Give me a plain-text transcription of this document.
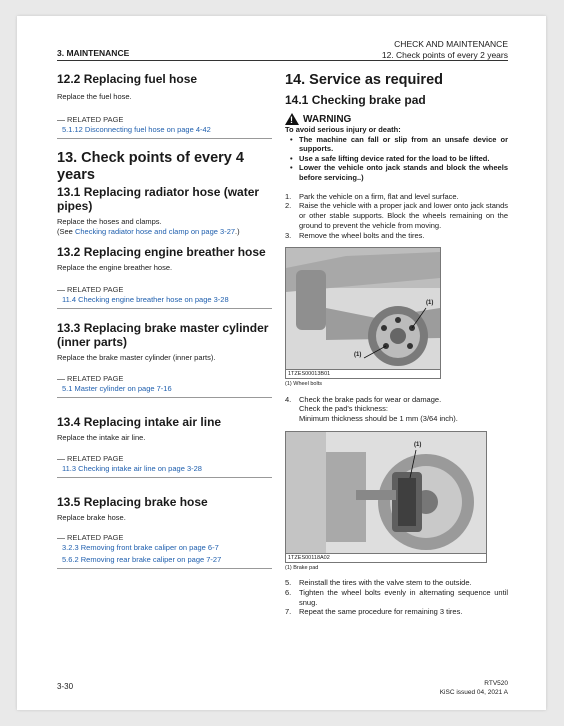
3. MAINTENANCE
CHECK AND MAINTENANCE
12. Check points of every 2 years
12.2 Replacing fuel hose

Replace the fuel hose.

RELATED PAGE
5.1.12 Disconnecting fuel hose on page 4-42
13. Check points of every 4 years
13.1 Replacing radiator hose (water pipes)

Replace the hoses and clamps.

(See Checking radiator hose and clamp on page 3-27.)

13.2 Replacing engine breather hose

Replace the engine breather hose.

RELATED PAGE
11.4 Checking engine breather hose on page 3-28
13.3 Replacing brake master cylinder (inner parts)

Replace the brake master cylinder (inner parts).

RELATED PAGE
5.1 Master cylinder on page 7-16
13.4 Replacing intake air line

Replace the intake air line.

RELATED PAGE
11.3 Checking intake air line on page 3-28
13.5 Replacing brake hose

Replace brake hose.

RELATED PAGE
3.2.3 Removing front brake caliper on page 6-7
5.6.2 Removing rear brake caliper on page 7-27
14. Service as required
14.1 Checking brake pad
! WARNING
To avoid serious injury or death:
• The machine can fall or slip from an unsafe device or supports.
• Use a safe lifting device rated for the load to be lifted.
• Lower the vehicle onto jack stands and block the wheels before servicing..)
1. Park the vehicle on a firm, flat and level surface.
2. Raise the vehicle with a proper jack and lower onto jack stands or other stable supports. Block the wheels remaining on the ground to prevent the vehicle from moving.
3. Remove the wheel bolts and the tires.
(1)
(1)
1TZES00013B01
(1) Wheel bolts
4. Check the brake pads for wear or damage.
Check the pad's thickness:
Minimum thickness should be 1 mm (3/64 inch).
(1)
1TZES00118A02
(1) Brake pad
5. Reinstall the tires with the valve stem to the outside.
6. Tighten the wheel bolts evenly in alternating sequence until snug.
7. Repeat the same procedure for remaining 3 tires.
3-30	RTV520
KiSC issued 04, 2021 A
